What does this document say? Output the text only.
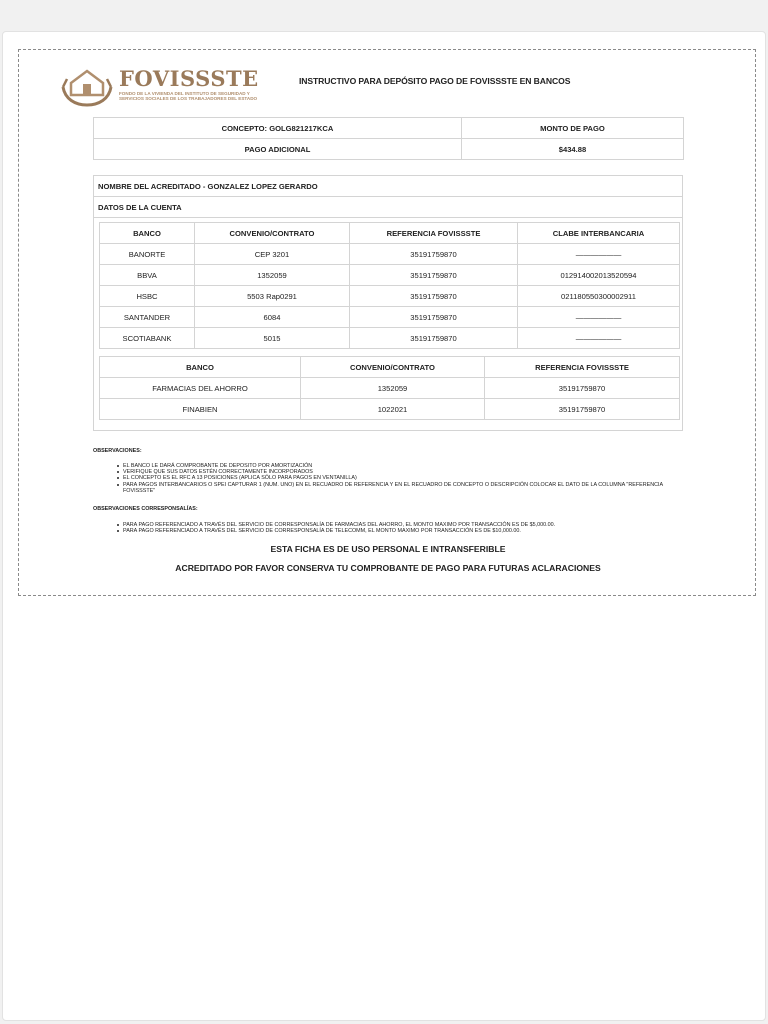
FOVISSSTE
FONDO DE LA VIVIENDA DEL INSTITUTO DE SEGURIDAD Y SERVICIOS SOCIALES DE LOS TRABAJADORES DEL ESTADO
INSTRUCTIVO PARA DEPÓSITO PAGO DE FOVISSSTE EN BANCOS
CONCEPTO: GOLG821217KCA	MONTO DE PAGO
PAGO ADICIONAL	$434.88
NOMBRE DEL ACREDITADO - GONZALEZ LOPEZ GERARDO
DATOS DE LA CUENTA
BANCO	CONVENIO/CONTRATO	REFERENCIA FOVISSSTE	CLABE INTERBANCARIA
BANORTE	CEP 3201	35191759870	——————
BBVA	1352059	35191759870	012914002013520594
HSBC	5503 Rap0291	35191759870	021180550300002911
SANTANDER	6084	35191759870	——————
SCOTIABANK	5015	35191759870	——————
BANCO	CONVENIO/CONTRATO	REFERENCIA FOVISSSTE
FARMACIAS DEL AHORRO	1352059	35191759870
FINABIEN	1022021	35191759870
OBSERVACIONES:
EL BANCO LE DARÁ COMPROBANTE DE DEPOSITO POR AMORTIZACIÓN
VERIFIQUE QUE SUS DATOS ESTÉN CORRECTAMENTE INCORPORADOS
EL CONCEPTO ES EL RFC A 13 POSICIONES (APLICA SÓLO PARA PAGOS EN VENTANILLA)
PARA PAGOS INTERBANCARIOS O SPEI CAPTURAR 1 (NUM. UNO) EN EL RECUADRO DE REFERENCIA Y EN EL RECUADRO DE CONCEPTO O DESCRIPCIÓN COLOCAR EL DATO DE LA COLUMNA "REFERENCIA FOVISSSTE"
OBSERVACIONES CORRESPONSALÍAS:
PARA PAGO REFERENCIADO A TRAVÉS DEL SERVICIO DE CORRESPONSALÍA DE FARMACIAS DEL AHORRO, EL MONTO MAXIMO POR TRANSACCIÓN ES DE $5,000.00.
PARA PAGO REFERENCIADO A TRAVÉS DEL SERVICIO DE CORRESPONSALÍA DE TELECOMM, EL MONTO MAXIMO POR TRANSACCIÓN ES DE $10,000.00.
ESTA FICHA ES DE USO PERSONAL E INTRANSFERIBLE
ACREDITADO POR FAVOR CONSERVA TU COMPROBANTE DE PAGO PARA FUTURAS ACLARACIONES
